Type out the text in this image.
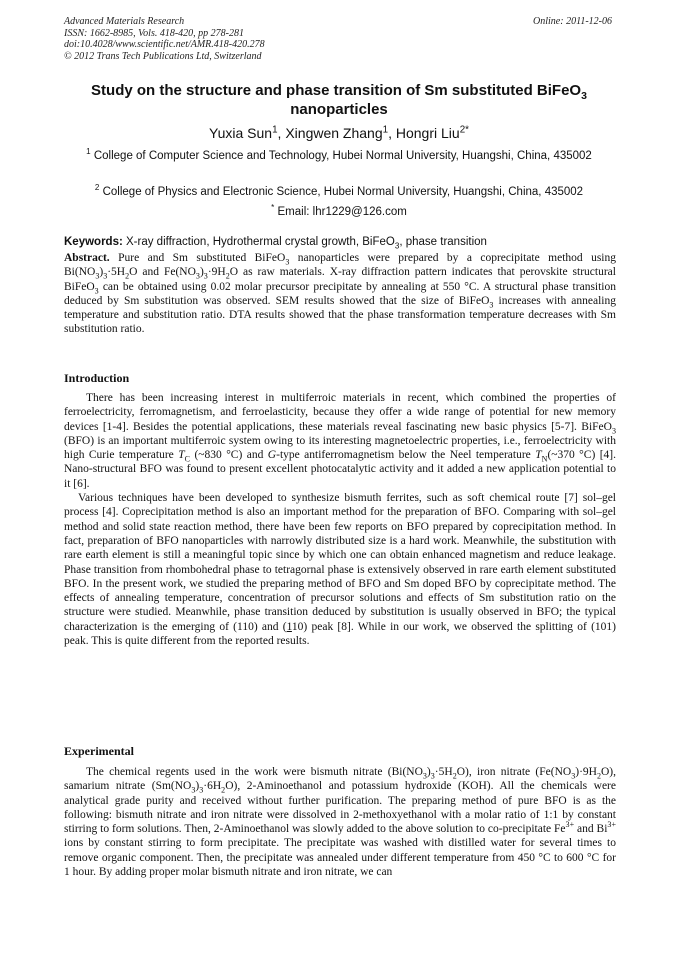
Advanced Materials Research
ISSN: 1662-8985, Vols. 418-420, pp 278-281
doi:10.4028/www.scientific.net/AMR.418-420.278
© 2012 Trans Tech Publications Ltd, Switzerland
Online: 2011-12-06
Study on the structure and phase transition of Sm substituted BiFeO$_3$
nanoparticles
Yuxia Sun$^1$, Xingwen Zhang$^1$, Hongri Liu$^{2*}$
$^1$ College of Computer Science and Technology, Hubei Normal University, Huangshi, China, 435002
$^2$ College of Physics and Electronic Science, Hubei Normal University, Huangshi, China, 435002
* Email: lhr1229@126.com
Keywords: X-ray diffraction, Hydrothermal crystal growth, BiFeO$_3$, phase transition
Abstract. Pure and Sm substituted BiFeO$_3$ nanoparticles were prepared by a coprecipitate method using $Bi(NO_3)_3\cdot 5H_2O$ and $Fe(NO_3)_3\cdot 9H_2O$ as raw materials. X-ray diffraction pattern indicates that perovskite structural BiFeO$_3$ can be obtained using 0.02 molar precursor precipitate by annealing at 550 °C. A structural phase transition deduced by Sm substitution was observed. SEM results showed that the size of BiFeO$_3$ increases with annealing temperature and substitution ratio. DTA results showed that the phase transformation temperature decreases with Sm substitution ratio.
Introduction

There has been increasing interest in multiferroic materials in recent, which combined the properties of ferroelectricity, ferromagnetism, and ferroelasticity, because they offer a wide range of potential for new memory devices [1-4]. Besides the potential applications, these materials reveal fascinating new basic physics [5-7]. BiFeO$_3$ (BFO) is an important multiferroic system owing to its interesting magnetoelectric properties, i.e., ferroelectricity with high Curie temperature $T_C$ (~830 °C) and G-type antiferromagnetism below the Neel temperature $T_N(\sim 370$ °C) [4]. Nano-structural BFO was found to present excellent photocatalytic activity and it added a new application potential to it [6].

Various techniques have been developed to synthesize bismuth ferrites, such as soft chemical route [7] sol–gel process [4]. Coprecipitation method is also an important method for the preparation of BFO. Comparing with sol–gel method and solid state reaction method, there have been few reports on BFO prepared by coprecipitation method. In fact, preparation of BFO nanoparticles with narrowly distributed size is a hard work. Meanwhile, the substitution with rare earth element is still a meaningful topic since by which one can obtain enhanced magnetism and reduce leakage. Phase transition from rhombohedral phase to tetragornal phase is extensively observed in rare earth element substituted BFO. In the present work, we studied the preparing method of BFO and Sm doped BFO by coprecipitate method. The effects of annealing temperature, concentration of precursor solutions and effects of Sm substitution ratio on the structure were studied. Meanwhile, phase transition deduced by substitution is usually observed in BFO; the typical characterization is the emerging of (110) and (110) peak [8]. While in our work, we observed the splitting of (101) peak. This is quite different from the reported results.

Experimental

The chemical regents used in the work were bismuth nitrate $(Bi(NO_3)_3\cdot 5H_2O)$, iron nitrate $(Fe(NO_3)\cdot 9H_2O)$, samarium nitrate $(Sm(NO_3)_3\cdot 6H_2O)$, 2-Aminoethanol and potassium hydroxide (KOH). All the chemicals were analytical grade purity and received without further purification. The preparing method of pure BFO is as the following: bismuth nitrate and iron nitrate were dissolved in 2-methoxyethanol with a molar ratio of 1:1 by constant stirring to form solutions. Then, 2-Aminoethanol was slowly added to the above solution to co-precipitate $Fe^{3+}$ and $Bi^{3+}$ ions by constant stirring to form precipitate. The precipitate was washed with distilled water for several times to remove organic component. Then, the precipitate was annealed under different temperature from 450 °C to 600 °C for 1 hour. By adding proper molar bismuth nitrate and iron nitrate, we can
